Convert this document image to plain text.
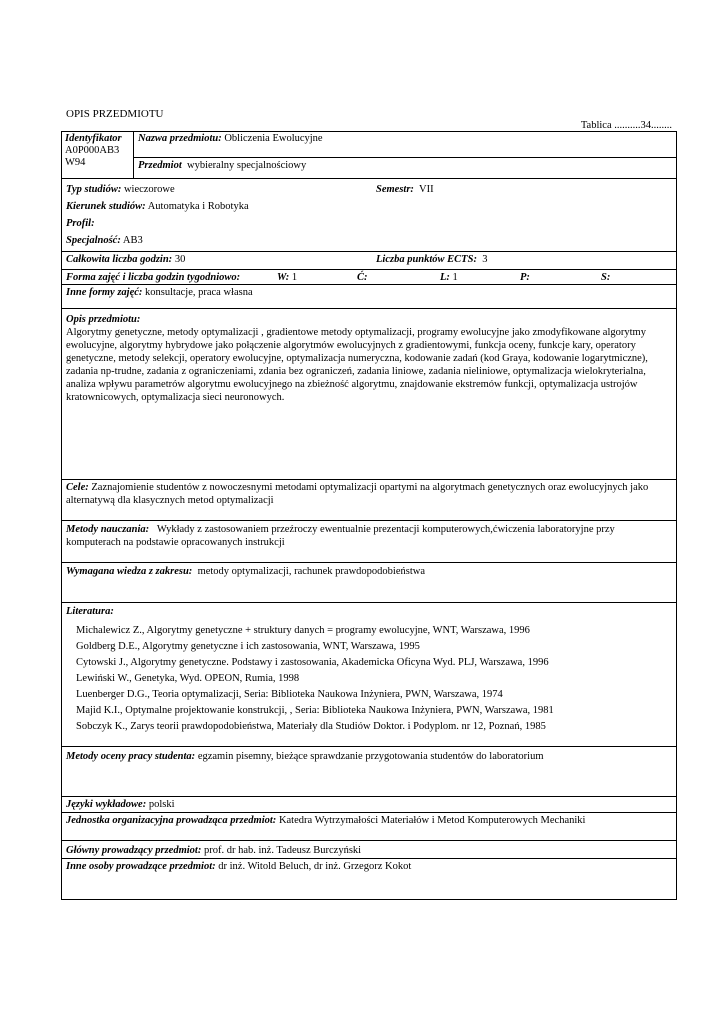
OPIS PRZEDMIOTU
Tablica ..........34........
Identyfikator
A0P000AB3
W94
Nazwa przedmiotu: Obliczenia Ewolucyjne
Przedmiot wybieralny specjalnościowy
Typ studiów: wieczorowe	Semestr: VII
Kierunek studiów: Automatyka i Robotyka
Profil:
Specjalność: AB3
Całkowita liczba godzin: 30	Liczba punktów ECTS: 3
Forma zajęć i liczba godzin tygodniowo:	W: 1	Ć:	L: 1	P:	S:
Inne formy zajęć: konsultacje, praca własna
Opis przedmiotu:
Algorytmy genetyczne, metody optymalizacji , gradientowe metody optymalizacji, programy ewolucyjne jako zmodyfikowane algorytmy ewolucyjne, algorytmy hybrydowe jako połączenie algorytmów ewolucyjnych z gradientowymi, funkcja oceny, funkcje kary, operatory genetyczne, metody selekcji, operatory ewolucyjne, optymalizacja numeryczna, kodowanie zadań (kod Graya, kodowanie logarytmiczne), zadania np-trudne, zadania z ograniczeniami, zdania bez ograniczeń, zadania liniowe, zadania nieliniowe, optymalizacja wielokryterialna, analiza wpływu parametrów algorytmu ewolucyjnego na zbieżność algorytmu, znajdowanie ekstremów funkcji, optymalizacja ustrojów kratownicowych, optymalizacja sieci neuronowych.
Cele: Zaznajomienie studentów z nowoczesnymi metodami optymalizacji opartymi na algorytmach genetycznych oraz ewolucyjnych jako alternatywą dla klasycznych metod optymalizacji
Metody nauczania: Wykłady z zastosowaniem przeźroczy ewentualnie prezentacji komputerowych,ćwiczenia laboratoryjne przy komputerach na podstawie opracowanych instrukcji
Wymagana wiedza z zakresu: metody optymalizacji, rachunek prawdopodobieństwa
Literatura:
Michalewicz Z., Algorytmy genetyczne + struktury danych = programy ewolucyjne, WNT, Warszawa, 1996
Goldberg D.E., Algorytmy genetyczne i ich zastosowania, WNT, Warszawa, 1995
Cytowski J., Algorytmy genetyczne. Podstawy i zastosowania, Akademicka Oficyna Wyd. PLJ, Warszawa, 1996
Lewiński W., Genetyka, Wyd. OPEON, Rumia, 1998
Luenberger D.G., Teoria optymalizacji, Seria: Biblioteka Naukowa Inżyniera, PWN, Warszawa, 1974
Majid K.I., Optymalne projektowanie konstrukcji, , Seria: Biblioteka Naukowa Inżyniera, PWN, Warszawa, 1981
Sobczyk K., Zarys teorii prawdopodobieństwa, Materiały dla Studiów Doktor. i Podyplom. nr 12, Poznań, 1985
Metody oceny pracy studenta: egzamin pisemny, bieżące sprawdzanie przygotowania studentów do laboratorium
Języki wykładowe: polski
Jednostka organizacyjna prowadząca przedmiot: Katedra Wytrzymałości Materiałów i Metod Komputerowych Mechaniki
Główny prowadzący przedmiot: prof. dr hab. inż. Tadeusz Burczyński
Inne osoby prowadzące przedmiot: dr inż. Witold Beluch, dr inż. Grzegorz Kokot
